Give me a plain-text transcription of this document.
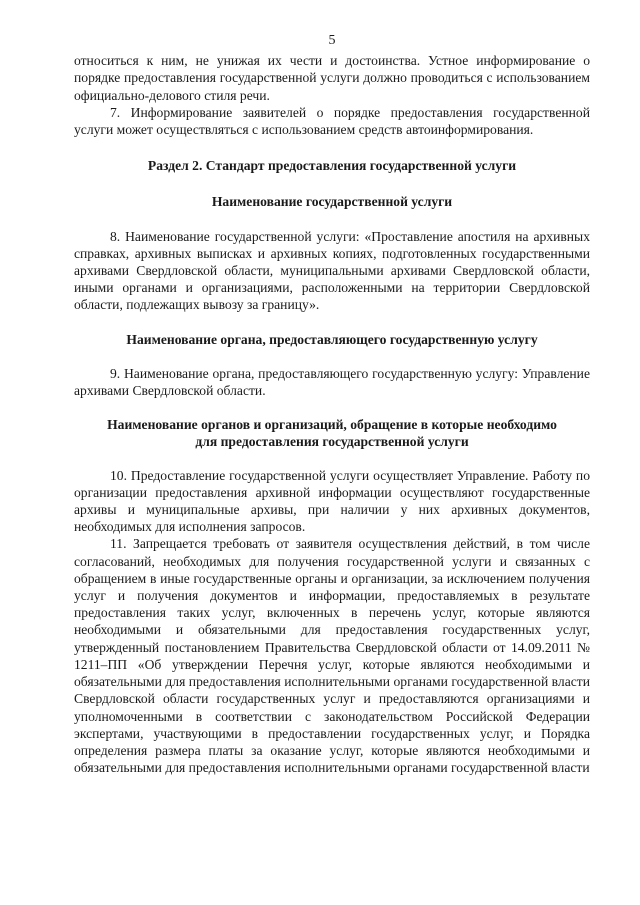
5

относиться к ним, не унижая их чести и достоинства. Устное информирование о порядке предоставления государственной услуги должно проводиться с использованием официально-делового стиля речи.

7. Информирование заявителей о порядке предоставления государственной услуги может осуществляться с использованием средств автоинформирования.

Раздел 2. Стандарт предоставления государственной услуги
Наименование государственной услуги

8. Наименование государственной услуги: «Проставление апостиля на архивных справках, архивных выписках и архивных копиях, подготовленных государственными архивами Свердловской области, муниципальными архивами Свердловской области, иными органами и организациями, расположенными на территории Свердловской области, подлежащих вывозу за границу».

Наименование органа, предоставляющего государственную услугу

9. Наименование органа, предоставляющего государственную услугу: Управление архивами Свердловской области.

Наименование органов и организаций, обращение в которые необходимо
для предоставления государственной услуги

10. Предоставление государственной услуги осуществляет Управление. Работу по организации предоставления архивной информации осуществляют государственные архивы и муниципальные архивы, при наличии у них архивных документов, необходимых для исполнения запросов.

11. Запрещается требовать от заявителя осуществления действий, в том числе согласований, необходимых для получения государственной услуги и связанных с обращением в иные государственные органы и организации, за исключением получения услуг и получения документов и информации, предоставляемых в результате предоставления таких услуг, включенных в перечень услуг, которые являются необходимыми и обязательными для предоставления государственных услуг, утвержденный постановлением Правительства Свердловской области от 14.09.2011 № 1211–ПП «Об утверждении Перечня услуг, которые являются необходимыми и обязательными для предоставления исполнительными органами государственной власти Свердловской области государственных услуг и предоставляются организациями и уполномоченными в соответствии с законодательством Российской Федерации экспертами, участвующими в предоставлении государственных услуг, и Порядка определения размера платы за оказание услуг, которые являются необходимыми и обязательными для предоставления исполнительными органами государственной власти
